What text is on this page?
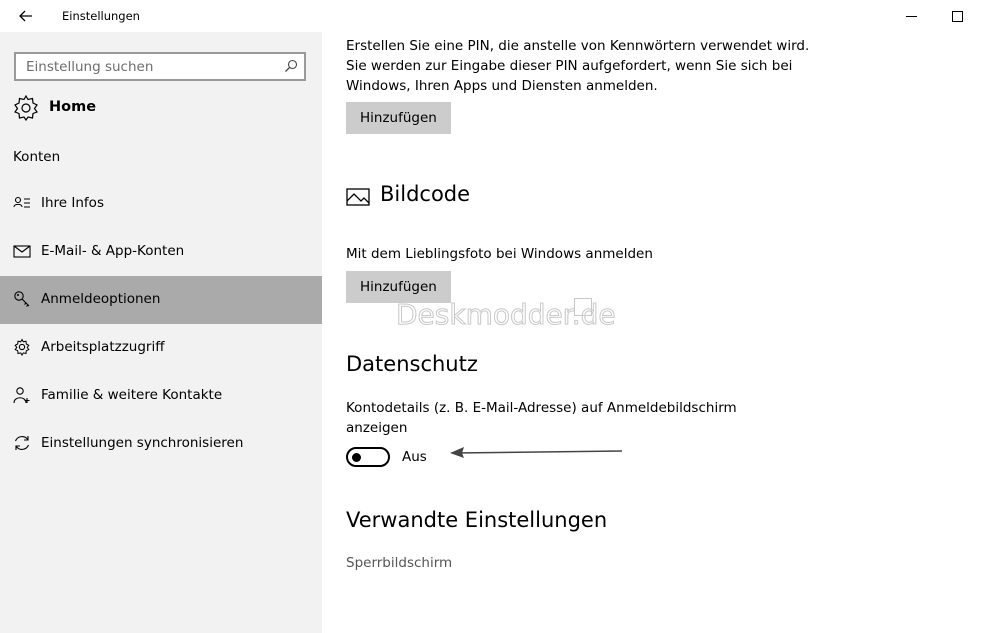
Einstellungen
Einstellung suchen
Home
Konten
Ihre Infos
E-Mail- & App-Konten
Anmeldeoptionen
Arbeitsplatzzugriff
Familie & weitere Kontakte
Einstellungen synchronisieren
Erstellen Sie eine PIN, die anstelle von Kennwörtern verwendet wird. Sie werden zur Eingabe dieser PIN aufgefordert, wenn Sie sich bei Windows, Ihren Apps und Diensten anmelden.
Hinzufügen
Bildcode
Mit dem Lieblingsfoto bei Windows anmelden
Hinzufügen
Datenschutz
Kontodetails (z. B. E-Mail-Adresse) auf Anmeldebildschirm anzeigen
Aus
Verwandte Einstellungen
Sperrbildschirm
Deskmodder.de
